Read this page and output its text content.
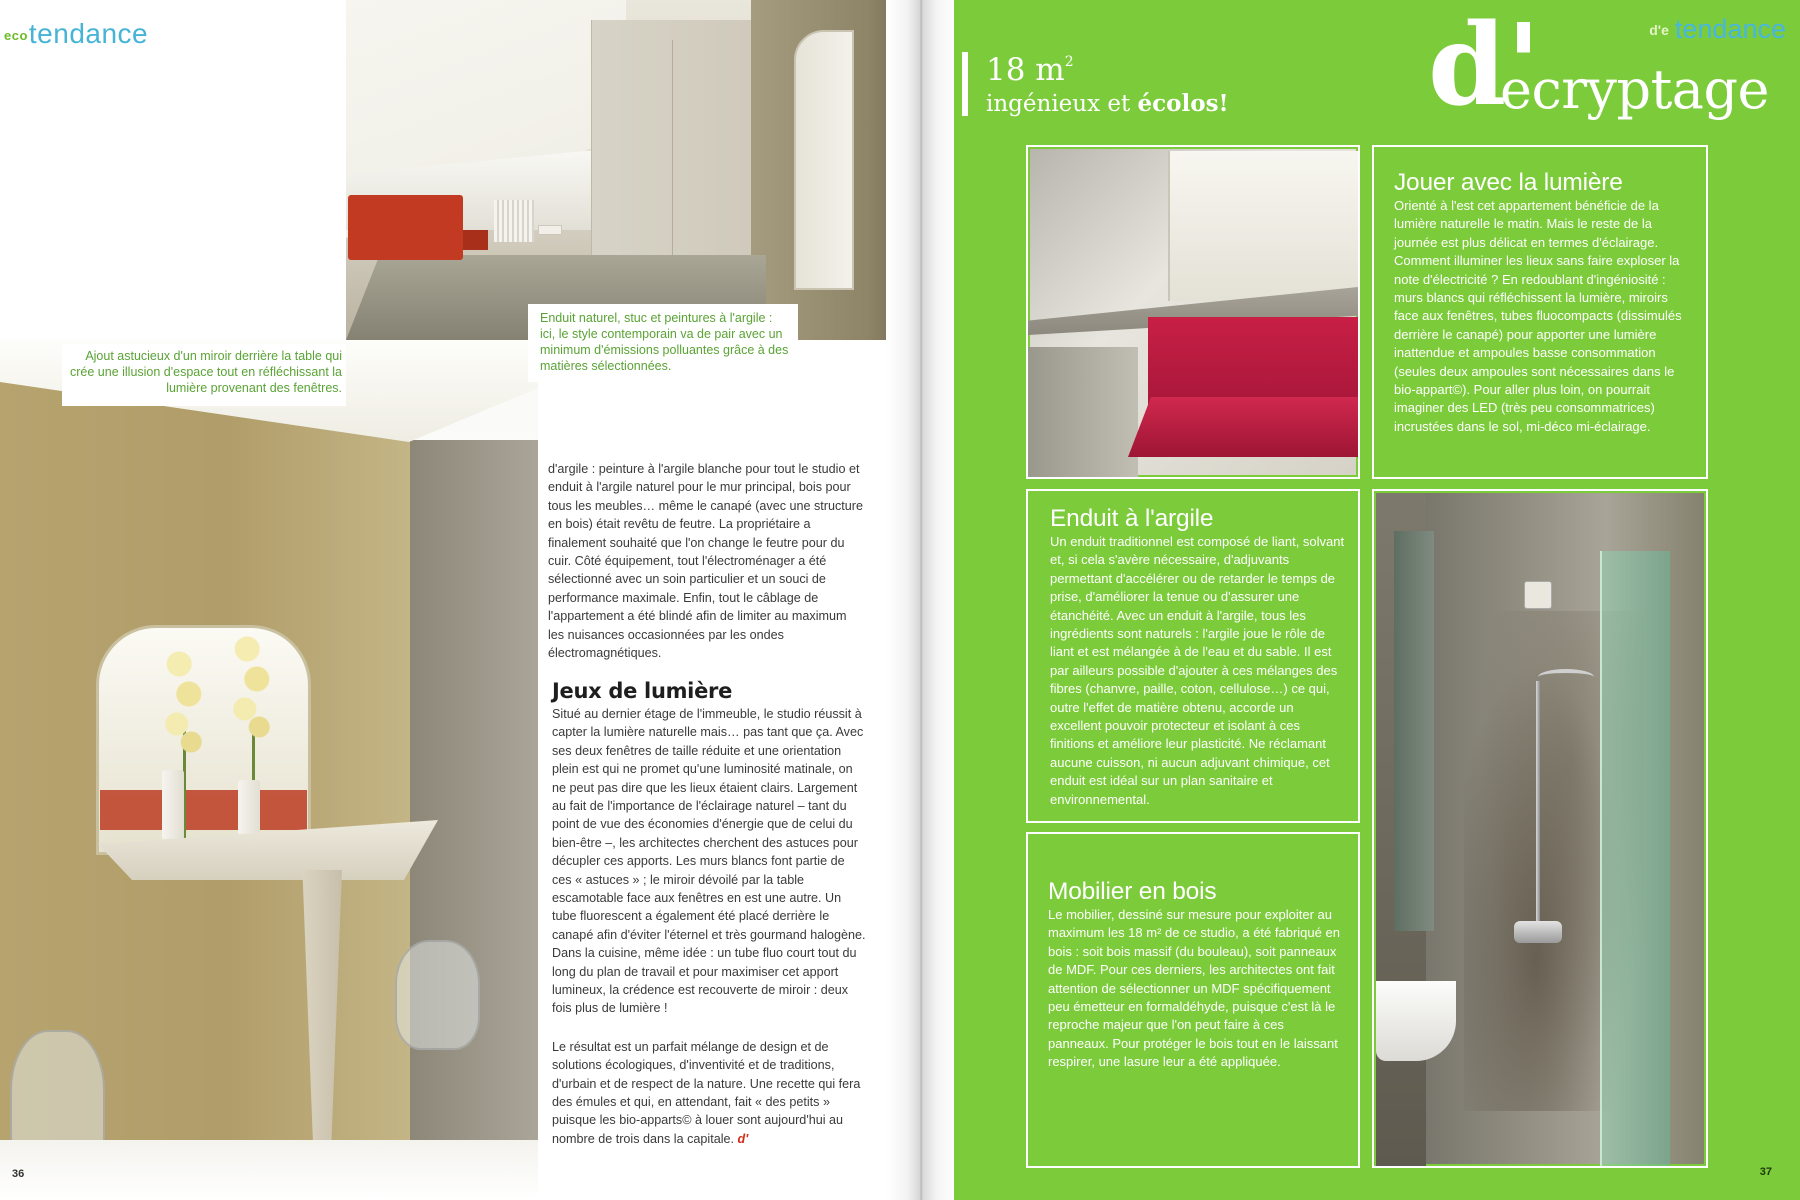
ecotendance
Ajout astucieux d'un miroir derrière la table qui crée une illusion d'espace tout en réfléchissant la lumière provenant des fenêtres.
Enduit naturel, stuc et peintures à l'argile : ici, le style contemporain va de pair avec un minimum d'émissions polluantes grâce à des matières sélectionnées.

d'argile : peinture à l'argile blanche pour tout le studio et enduit à l'argile naturel pour le mur principal, bois pour tous les meubles… même le canapé (avec une structure en bois) était revêtu de feutre. La propriétaire a finalement souhaité que l'on change le feutre pour du cuir. Côté équipement, tout l'électroménager a été sélectionné avec un soin particulier et un souci de performance maximale. Enfin, tout le câblage de l'appartement a été blindé afin de limiter au maximum les nuisances occasionnées par les ondes électromagnétiques.

Jeux de lumière

Situé au dernier étage de l'immeuble, le studio réussit à capter la lumière naturelle mais… pas tant que ça. Avec ses deux fenêtres de taille réduite et une orientation plein est qui ne promet qu'une luminosité matinale, on ne peut pas dire que les lieux étaient clairs. Largement au fait de l'importance de l'éclairage naturel – tant du point de vue des économies d'énergie que de celui du bien-être –, les architectes cherchent des astuces pour décupler ces apports. Les murs blancs font partie de ces « astuces » ; le miroir dévoilé par la table escamotable face aux fenêtres en est une autre. Un tube fluorescent a également été placé derrière le canapé afin d'éviter l'éternel et très gourmand halogène. Dans la cuisine, même idée : un tube fluo court tout du long du plan de travail et pour maximiser cet apport lumineux, la crédence est recouverte de miroir : deux fois plus de lumière !

Le résultat est un parfait mélange de design et de solutions écologiques, d'inventivité et de traditions, d'urbain et de respect de la nature. Une recette qui fera des émules et qui, en attendant, fait « des petits » puisque les bio-apparts© à louer sont aujourd'hui au nombre de trois dans la capitale. d'

36
d'e tendance
18 $m^2$
ingénieux et écolos! d'
ecryptage
Jouer avec la lumière
Orienté à l'est cet appartement bénéficie de la lumière naturelle le matin. Mais le reste de la journée est plus délicat en termes d'éclairage. Comment illuminer les lieux sans faire exploser la note d'électricité ? En redoublant d'ingéniosité : murs blancs qui réfléchissent la lumière, miroirs face aux fenêtres, tubes fluocompacts (dissimulés derrière le canapé) pour apporter une lumière inattendue et ampoules basse consommation (seules deux ampoules sont nécessaires dans le bio-appart©). Pour aller plus loin, on pourrait imaginer des LED (très peu consommatrices) incrustées dans le sol, mi-déco mi-éclairage.
Enduit à l'argile
Un enduit traditionnel est composé de liant, solvant et, si cela s'avère nécessaire, d'adjuvants permettant d'accélérer ou de retarder le temps de prise, d'améliorer la tenue ou d'assurer une étanchéité. Avec un enduit à l'argile, tous les ingrédients sont naturels : l'argile joue le rôle de liant et est mélangée à de l'eau et du sable. Il est par ailleurs possible d'ajouter à ces mélanges des fibres (chanvre, paille, coton, cellulose…) ce qui, outre l'effet de matière obtenu, accorde un excellent pouvoir protecteur et isolant à ces finitions et améliore leur plasticité. Ne réclamant aucune cuisson, ni aucun adjuvant chimique, cet enduit est idéal sur un plan sanitaire et environnemental.
Mobilier en bois
Le mobilier, dessiné sur mesure pour exploiter au maximum les 18 m² de ce studio, a été fabriqué en bois : soit bois massif (du bouleau), soit panneaux de MDF. Pour ces derniers, les architectes ont fait attention de sélectionner un MDF spécifiquement peu émetteur en formaldéhyde, puisque c'est là le reproche majeur que l'on peut faire à ces panneaux. Pour protéger le bois tout en le laissant respirer, une lasure leur a été appliquée.
37
